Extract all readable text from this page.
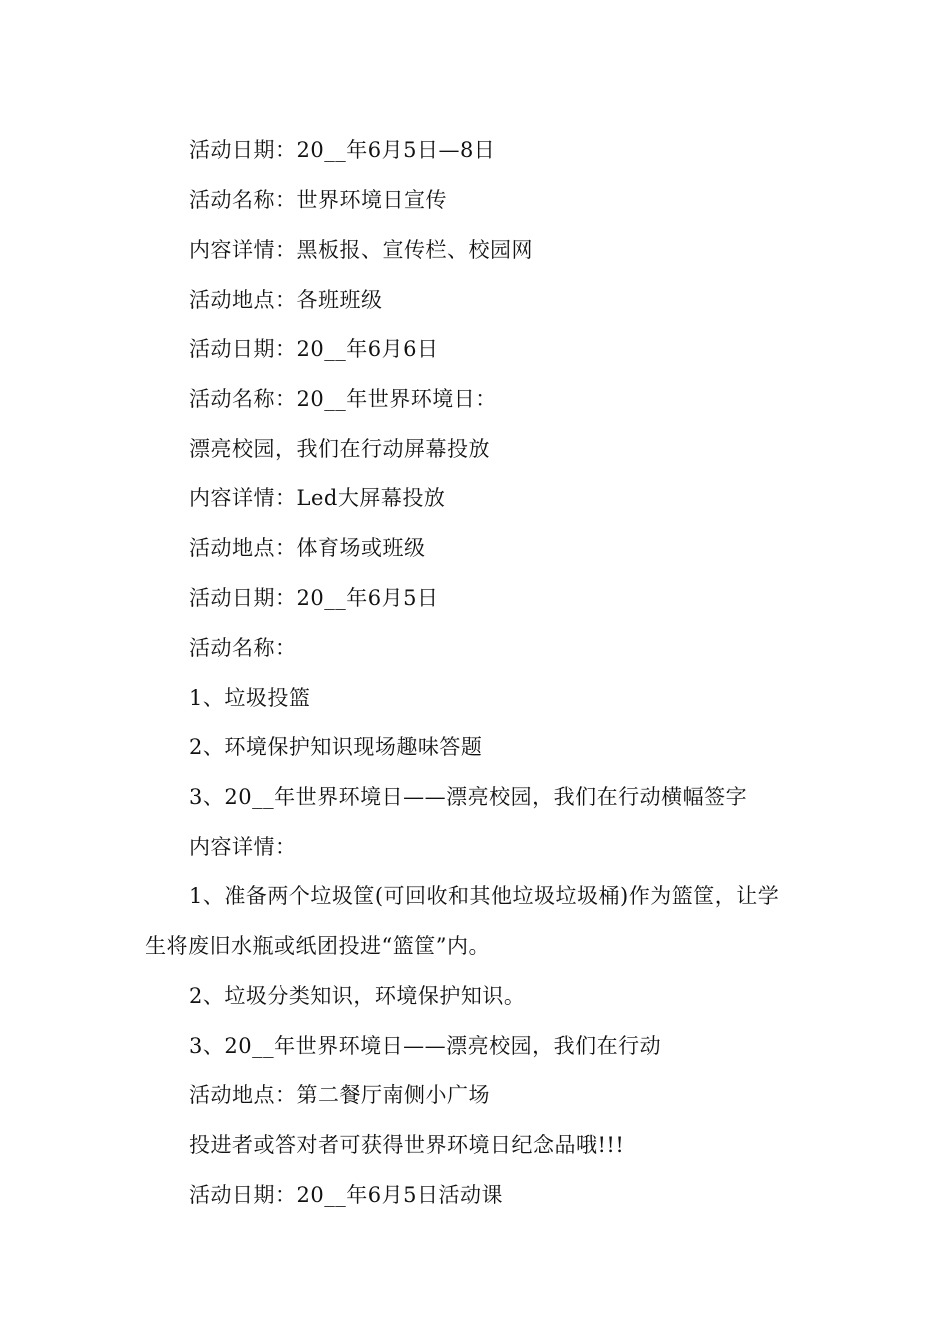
活动日期：20__年6月5日—8日
活动名称：世界环境日宣传
内容详情：黑板报、宣传栏、校园网
活动地点：各班班级
活动日期：20__年6月6日
活动名称：20__年世界环境日：
漂亮校园，我们在行动屏幕投放
内容详情：Led大屏幕投放
活动地点：体育场或班级
活动日期：20__年6月5日
活动名称：
1、垃圾投篮
2、环境保护知识现场趣味答题
3、20__年世界环境日——漂亮校园，我们在行动横幅签字
内容详情：
1、准备两个垃圾筐(可回收和其他垃圾垃圾桶)作为篮筐，让学
生将废旧水瓶或纸团投进“篮筐”内。
2、垃圾分类知识，环境保护知识。
3、20__年世界环境日——漂亮校园，我们在行动
活动地点：第二餐厅南侧小广场
投进者或答对者可获得世界环境日纪念品哦!!!
活动日期：20__年6月5日活动课
